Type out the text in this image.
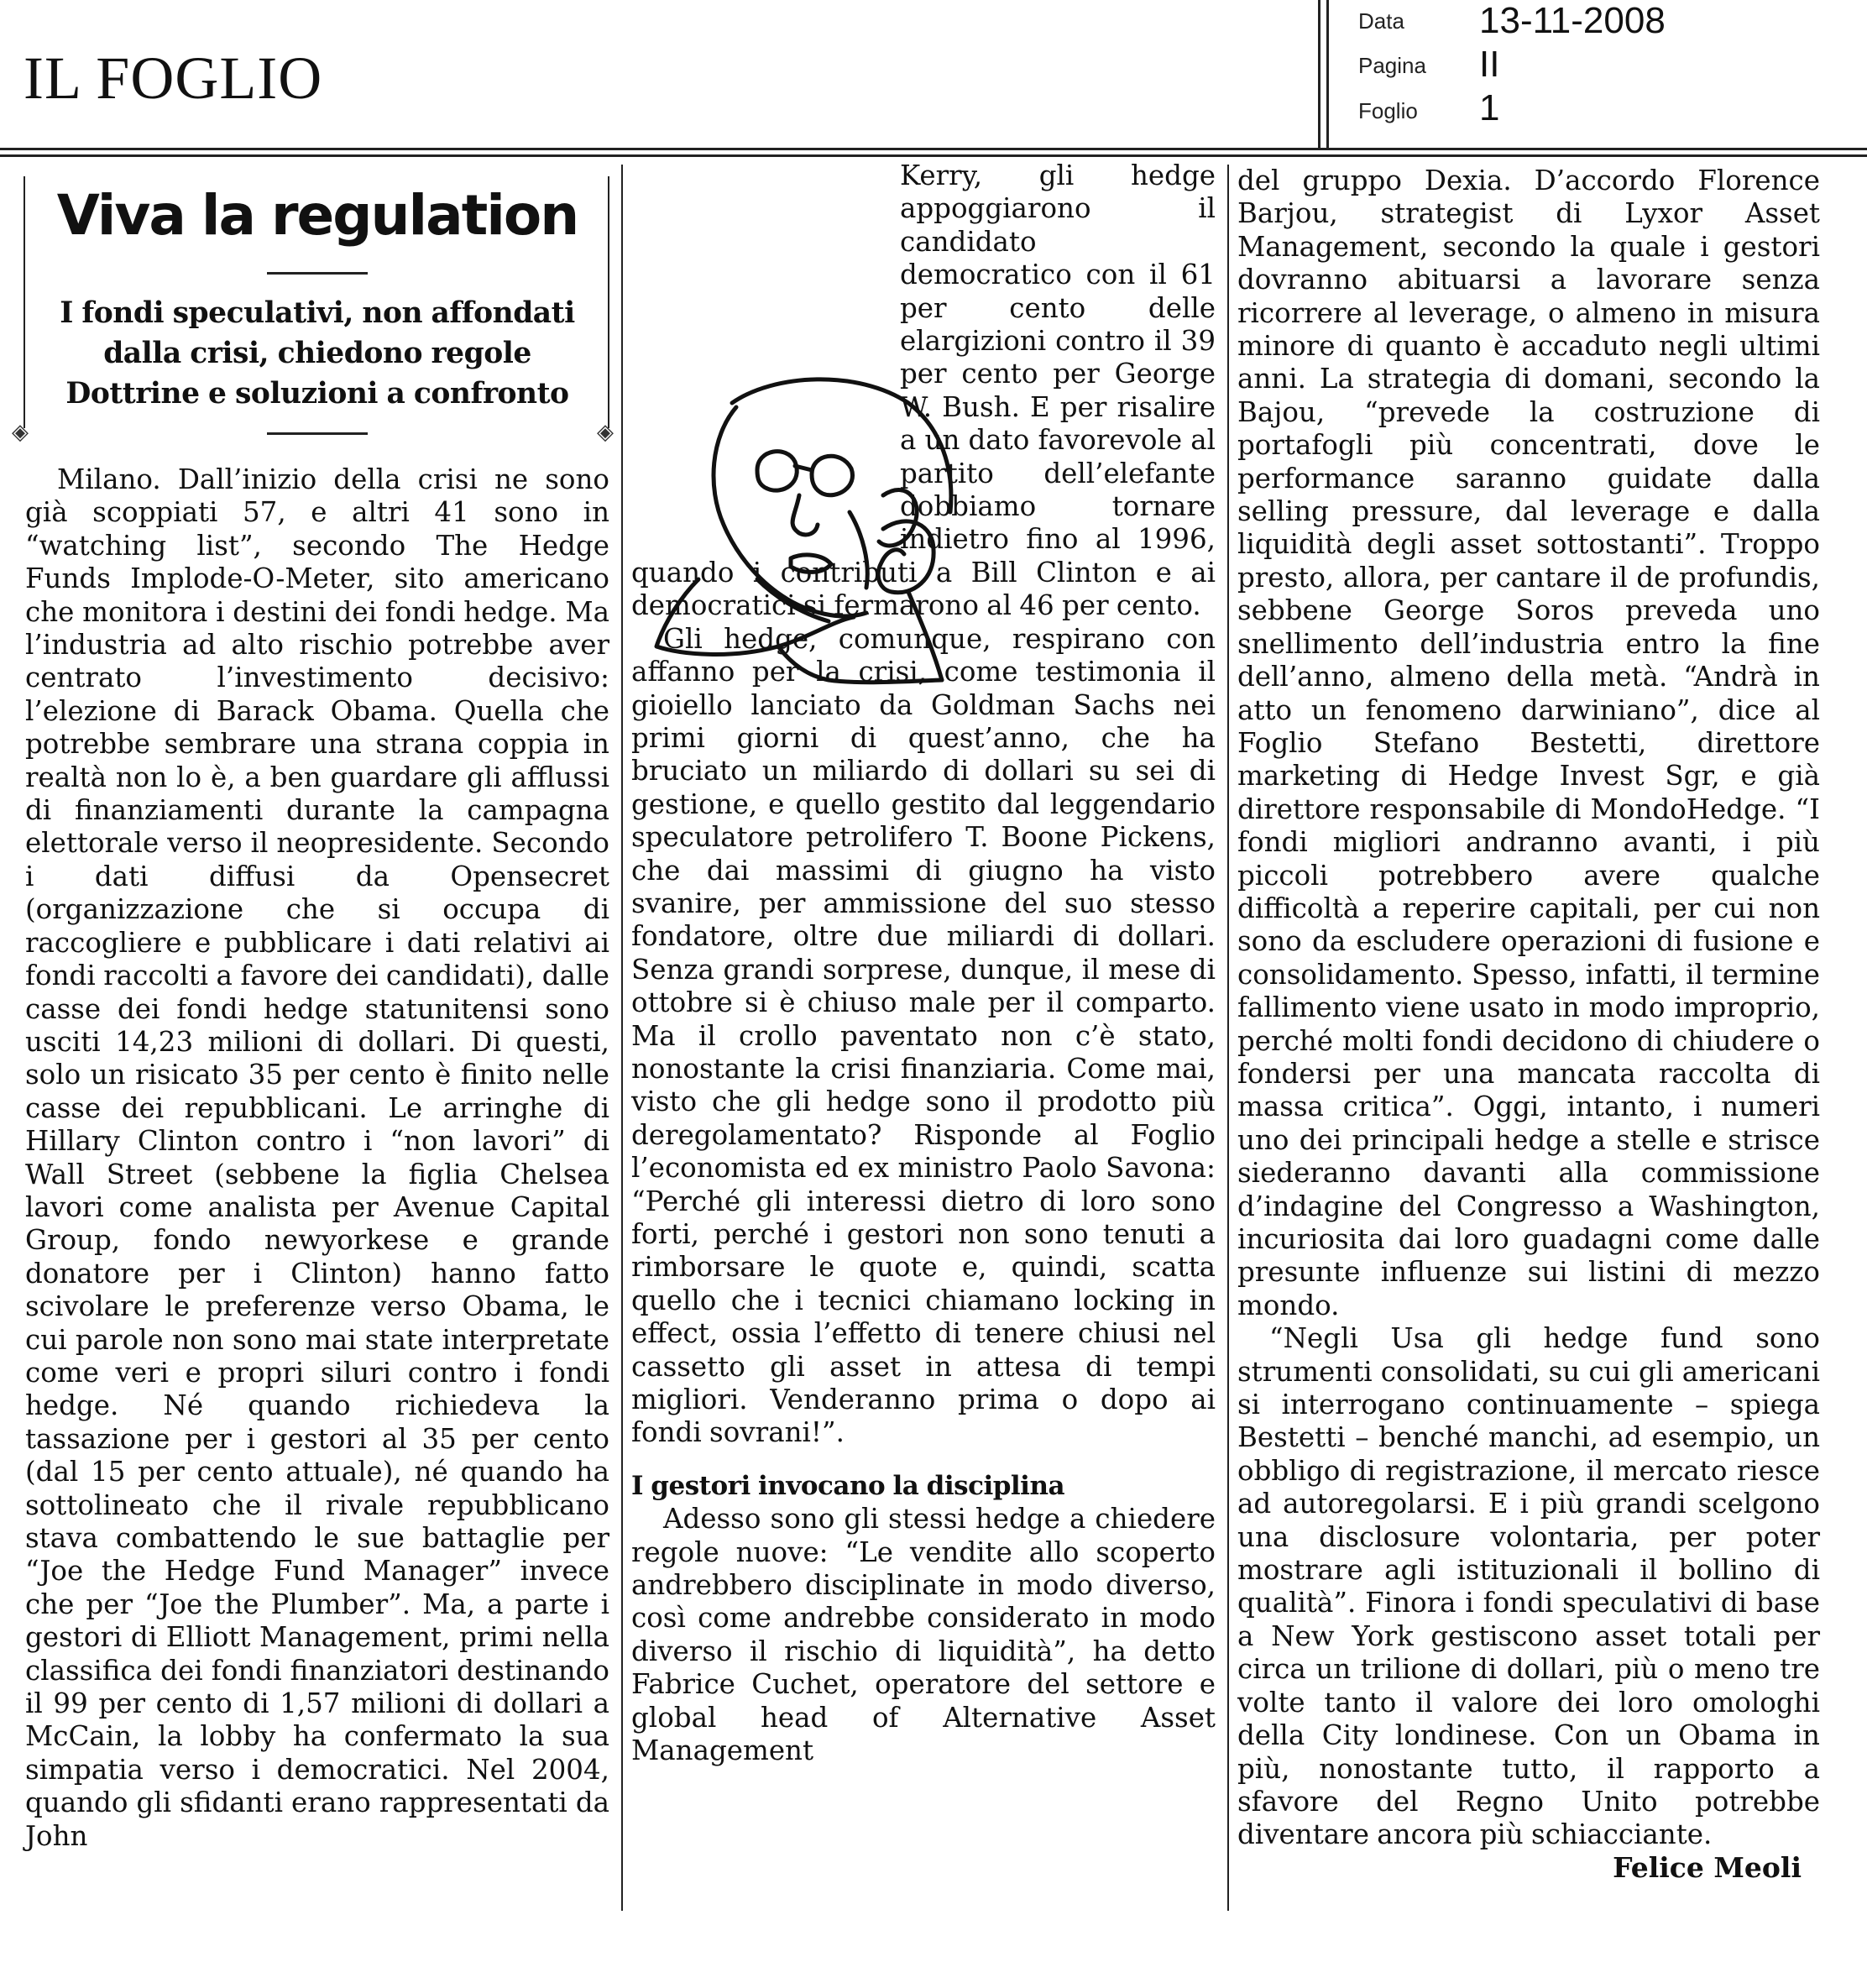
IL FOGLIO
Data 13-11-2008
Pagina II
Foglio 1
◈	◈
Viva la regulation
I fondi speculativi, non affondati
dalla crisi, chiedono regole
Dottrine e soluzioni a confronto

Milano. Dall’inizio della crisi ne sono già scoppiati 57, e altri 41 sono in “watching list”, secondo The Hedge Funds Implode-O-Meter, sito americano che monitora i destini dei fondi hedge. Ma l’industria ad alto rischio potrebbe aver centrato l’investimento decisivo: l’elezione di Barack Obama. Quella che potrebbe sembrare una strana coppia in realtà non lo è, a ben guardare gli afflussi di finanziamenti durante la campagna elettorale verso il neopresidente. Secondo i dati diffusi da Opensecret (organizzazione che si occupa di raccogliere e pubblicare i dati relativi ai fondi raccolti a favore dei candidati), dalle casse dei fondi hedge statunitensi sono usciti 14,23 milioni di dollari. Di questi, solo un risicato 35 per cento è finito nelle casse dei repubblicani. Le arringhe di Hillary Clinton contro i “non lavori” di Wall Street (sebbene la figlia Chelsea lavori come analista per Avenue Capital Group, fondo newyorkese e grande donatore per i Clinton) hanno fatto scivolare le preferenze verso Obama, le cui parole non sono mai state interpretate come veri e propri siluri contro i fondi hedge. Né quando richiedeva la tassazione per i gestori al 35 per cento (dal 15 per cento attuale), né quando ha sottolineato che il rivale repubblicano stava combattendo le sue battaglie per “Joe the Hedge Fund Manager” invece che per “Joe the Plumber”. Ma, a parte i gestori di Elliott Management, primi nella classifica dei fondi finanziatori destinando il 99 per cento di 1,57 milioni di dollari a McCain, la lobby ha confermato la sua simpatia verso i democratici. Nel 2004, quando gli sfidanti erano rappresentati da John

Kerry, gli hedge appoggiarono il candidato democratico con il 61 per cento delle elargizioni contro il 39 per cento per George W. Bush. E per risalire a un dato favorevole al partito dell’elefante dobbiamo tornare indietro fino al 1996, quando i contributi a Bill Clinton e ai democratici si fermarono al 46 per cento.

Gli hedge, comunque, respirano con affanno per la crisi, come testimonia il gioiello lanciato da Goldman Sachs nei primi giorni di quest’anno, che ha bruciato un miliardo di dollari su sei di gestione, e quello gestito dal leggendario speculatore petrolifero T. Boone Pickens, che dai massimi di giugno ha visto svanire, per ammissione del suo stesso fondatore, oltre due miliardi di dollari. Senza grandi sorprese, dunque, il mese di ottobre si è chiuso male per il comparto. Ma il crollo paventato non c’è stato, nonostante la crisi finanziaria. Come mai, visto che gli hedge sono il prodotto più deregolamentato? Risponde al Foglio l’economista ed ex ministro Paolo Savona: “Perché gli interessi dietro di loro sono forti, perché i gestori non sono tenuti a rimborsare le quote e, quindi, scatta quello che i tecnici chiamano locking in effect, ossia l’effetto di tenere chiusi nel cassetto gli asset in attesa di tempi migliori. Venderanno prima o dopo ai fondi sovrani!”.

I gestori invocano la disciplina

Adesso sono gli stessi hedge a chiedere regole nuove: “Le vendite allo scoperto andrebbero disciplinate in modo diverso, così come andrebbe considerato in modo diverso il rischio di liquidità”, ha detto Fabrice Cuchet, operatore del settore e global head of Alternative Asset Management

del gruppo Dexia. D’accordo Florence Barjou, strategist di Lyxor Asset Management, secondo la quale i gestori dovranno abituarsi a lavorare senza ricorrere al leverage, o almeno in misura minore di quanto è accaduto negli ultimi anni. La strategia di domani, secondo la Bajou, “prevede la costruzione di portafogli più concentrati, dove le performance saranno guidate dalla selling pressure, dal leverage e dalla liquidità degli asset sottostanti”. Troppo presto, allora, per cantare il de profundis, sebbene George Soros preveda uno snellimento dell’industria entro la fine dell’anno, almeno della metà. “Andrà in atto un fenomeno darwiniano”, dice al Foglio Stefano Bestetti, direttore marketing di Hedge Invest Sgr, e già direttore responsabile di MondoHedge. “I fondi migliori andranno avanti, i più piccoli potrebbero avere qualche difficoltà a reperire capitali, per cui non sono da escludere operazioni di fusione e consolidamento. Spesso, infatti, il termine fallimento viene usato in modo improprio, perché molti fondi decidono di chiudere o fondersi per una mancata raccolta di massa critica”. Oggi, intanto, i numeri uno dei principali hedge a stelle e strisce siederanno davanti alla commissione d’indagine del Congresso a Washington, incuriosita dai loro guadagni come dalle presunte influenze sui listini di mezzo mondo.

“Negli Usa gli hedge fund sono strumenti consolidati, su cui gli americani si interrogano continuamente – spiega Bestetti – benché manchi, ad esempio, un obbligo di registrazione, il mercato riesce ad autoregolarsi. E i più grandi scelgono una disclosure volontaria, per poter mostrare agli istituzionali il bollino di qualità”. Finora i fondi speculativi di base a New York gestiscono asset totali per circa un trilione di dollari, più o meno tre volte tanto il valore dei loro omologhi della City londinese. Con un Obama in più, nonostante tutto, il rapporto a sfavore del Regno Unito potrebbe diventare ancora più schiacciante.

Felice Meoli
